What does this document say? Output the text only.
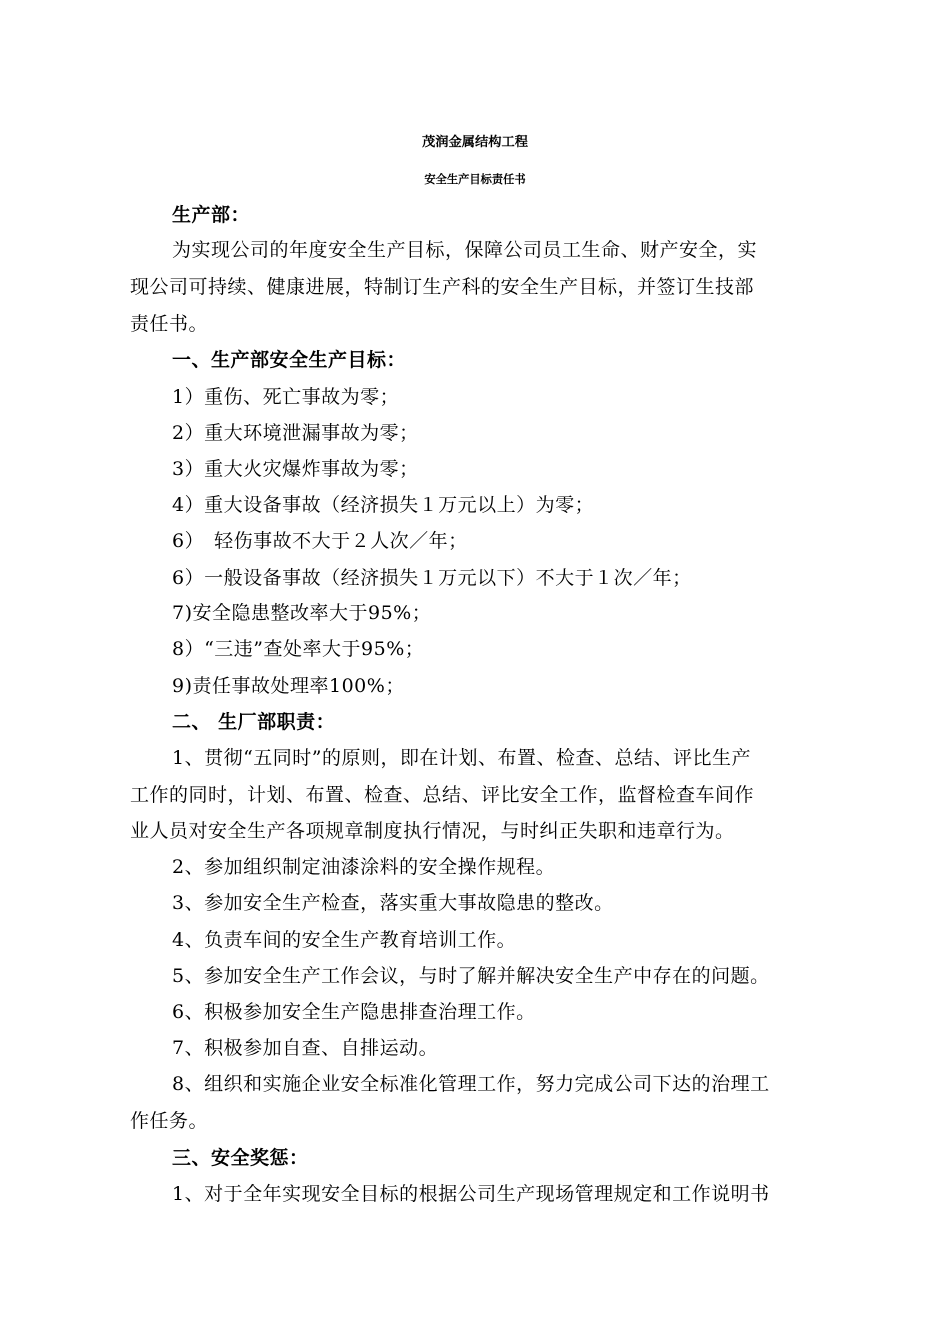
茂润金属结构工程
安全生产目标责任书
生产部：
为实现公司的年度安全生产目标，保障公司员工生命、财产安全，实
现公司可持续、健康进展，特制订生产科的安全生产目标，并签订生技部
责任书。
一、生产部安全生产目标：
1）重伤、死亡事故为零；
2）重大环境泄漏事故为零；
3）重大火灾爆炸事故为零；
4）重大设备事故（经济损失１万元以上）为零；
6）　轻伤事故不大于２人次／年；
6）一般设备事故（经济损失１万元以下）不大于１次／年；
7)安全隐患整改率大于95%；
8）“三违”查处率大于95%；
9)责任事故处理率100%；
二、 生厂部职责：
1、贯彻“五同时”的原则，即在计划、布置、检查、总结、评比生产
工作的同时，计划、布置、检查、总结、评比安全工作，监督检查车间作
业人员对安全生产各项规章制度执行情况，与时纠正失职和违章行为。
2、参加组织制定油漆涂料的安全操作规程。
3、参加安全生产检查，落实重大事故隐患的整改。
4、负责车间的安全生产教育培训工作。
5、参加安全生产工作会议，与时了解并解决安全生产中存在的问题。
6、积极参加安全生产隐患排查治理工作。
7、积极参加自查、自排运动。
8、组织和实施企业安全标准化管理工作，努力完成公司下达的治理工
作任务。
三、安全奖惩：
1、对于全年实现安全目标的根据公司生产现场管理规定和工作说明书
